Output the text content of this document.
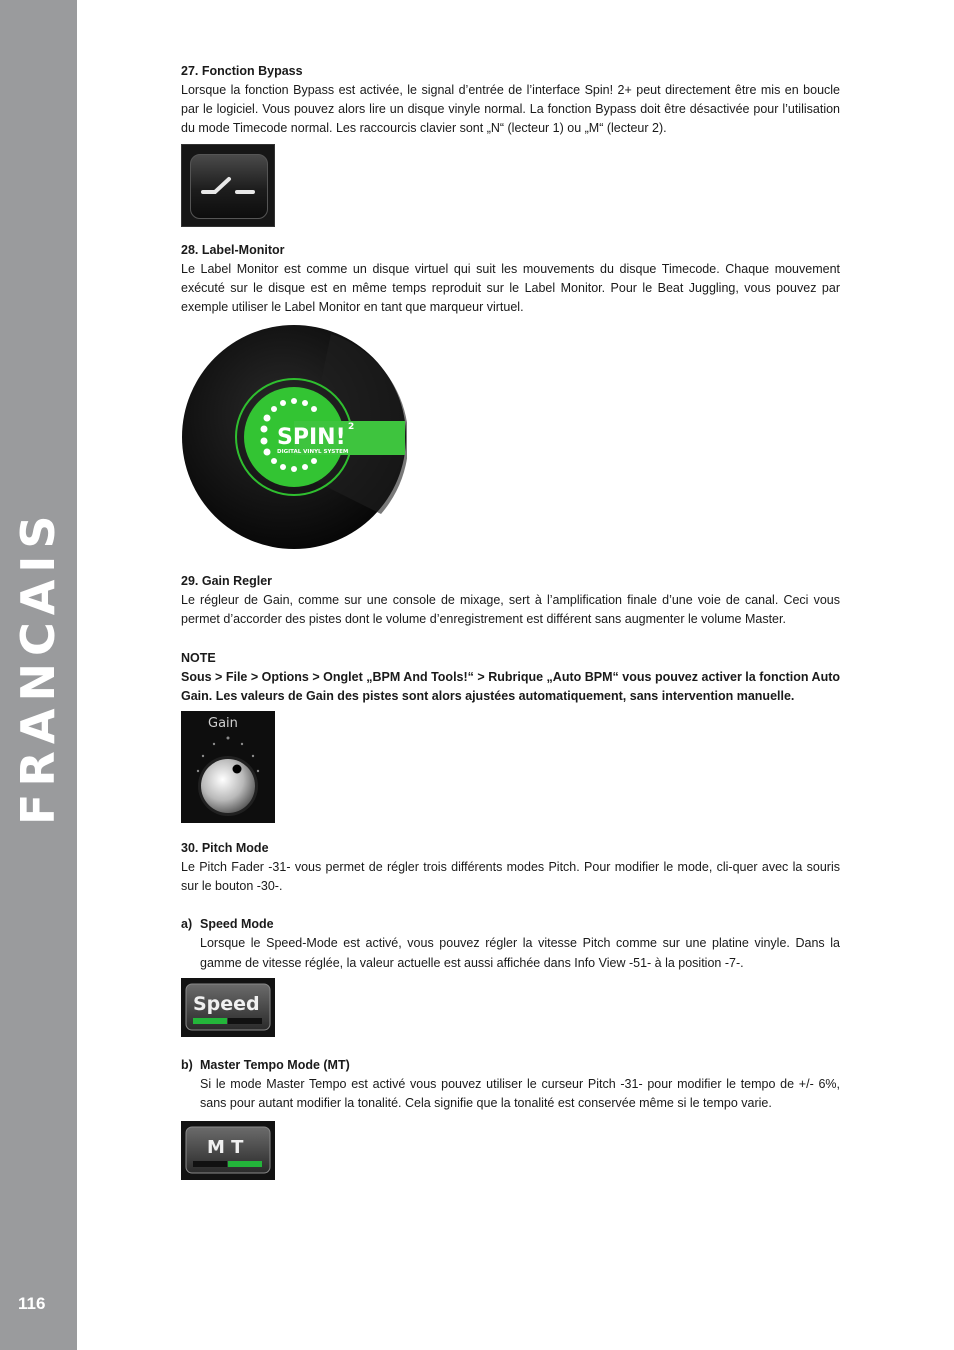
FRANCAIS
116

27. Fonction Bypass

Lorsque la fonction Bypass est activée, le signal d’entrée de l’interface Spin! 2+ peut directement être mis en boucle par le logiciel. Vous pouvez alors lire un disque vinyle normal. La fonction Bypass doit être désactivée pour l’utilisation du mode Timecode normal. Les raccourcis clavier sont „N“ (lecteur 1) ou „M“ (lecteur 2).

28. Label-Monitor

Le Label Monitor est comme un disque virtuel qui suit les mouvements du disque Timecode. Chaque mouvement exécuté sur le disque est en même temps reproduit sur le Label Monitor. Pour le Beat Juggling, vous pouvez par exemple utiliser le Label Monitor en tant que marqueur virtuel.

SPIN! 2
DIGITAL VINYL SYSTEM

29. Gain Regler

Le régleur de Gain, comme sur une console de mixage, sert à l’amplification finale d’une voie de canal. Ceci vous permet d’accorder des pistes dont le volume d’enregistrement est différent sans augmenter le volume Master.

NOTE

Sous > File > Options > Onglet „BPM And Tools!“ > Rubrique „Auto BPM“ vous pouvez activer la fonction Auto Gain. Les valeurs de Gain des pistes sont alors ajustées automatiquement, sans intervention manuelle.

Gain

30. Pitch Mode

Le Pitch Fader -31- vous permet de régler trois différents modes Pitch. Pour modifier le mode, cli-quer avec la souris sur le bouton -30-.

a) Speed Mode

Lorsque le Speed-Mode est activé, vous pouvez régler la vitesse Pitch comme sur une platine vinyle. Dans la gamme de vitesse réglée, la valeur actuelle est aussi affichée dans Info View -51- à la position -7-.

Speed

b) Master Tempo Mode (MT)

Si le mode Master Tempo est activé vous pouvez utiliser le curseur Pitch -31- pour modifier le tempo de +/- 6%, sans pour autant modifier la tonalité. Cela signifie que la tonalité est conservée même si le tempo varie.

M T
